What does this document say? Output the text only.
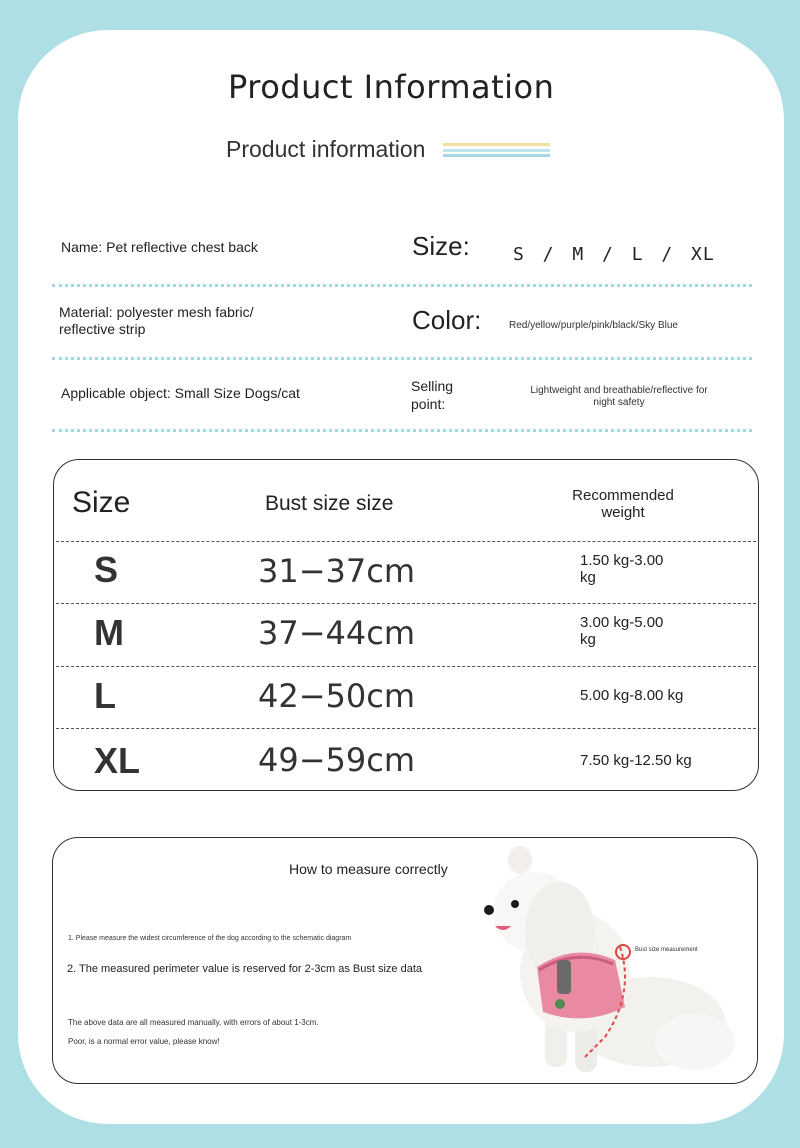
Product Information
Product information
Name: Pet reflective chest back	Size: S / M / L / XL
Material: polyester mesh fabric/
reflective strip	Color:	Red/yellow/purple/pink/black/Sky Blue
Applicable object: Small Size Dogs/cat	Selling
point:
Lightweight and breathable/reflective for
night safety
Size	Bust size size	Recommended
weight
S	31−37cm	1.50 kg-3.00
kg
M	37−44cm	3.00 kg-5.00
kg
L	42−50cm	5.00 kg-8.00 kg
XL	49−59cm	7.50 kg-12.50 kg
How to measure correctly
1. Please measure the widest circumference of the dog according to the schematic diagram
2. The measured perimeter value is reserved for 2-3cm as Bust size data
The above data are all measured manually, with errors of about 1-3cm.
Poor, is a normal error value, please know!
Bust size measurement
